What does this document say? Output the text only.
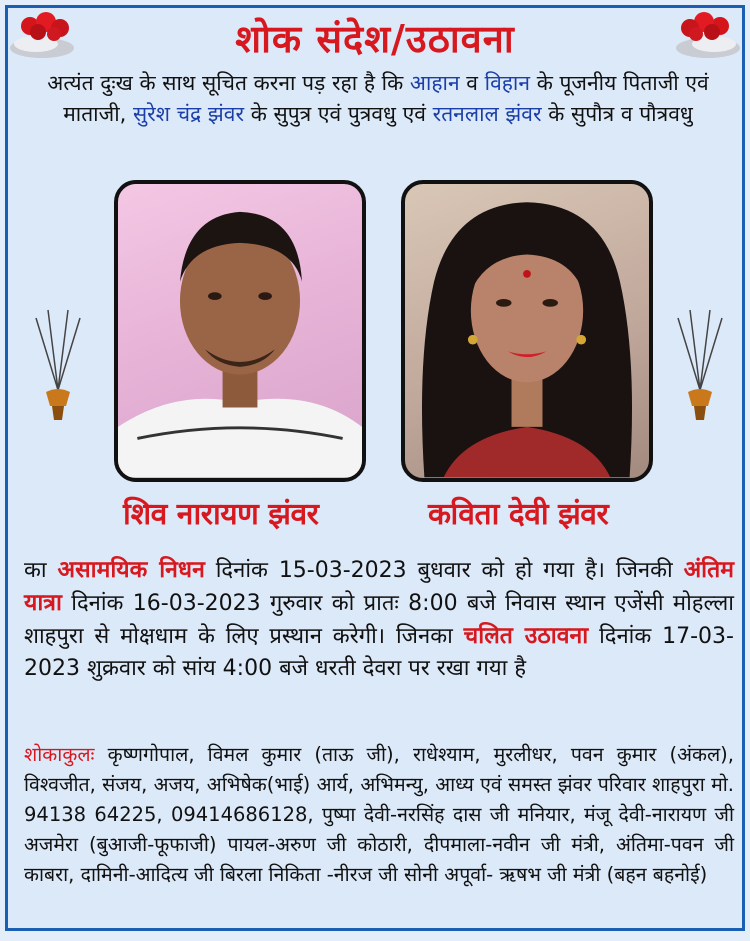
शोक संदेश/उठावना
अत्यंत दुःख के साथ सूचित करना पड़ रहा है कि आहान व विहान के पूजनीय पिताजी एवं माताजी, सुरेश चंद्र झंवर के सुपुत्र एवं पुत्रवधु एवं रतनलाल झंवर के सुपौत्र व पौत्रवधु
शिव नारायण झंवर	कविता देवी झंवर
का असामयिक निधन दिनांक 15-03-2023 बुधवार को हो गया है। जिनकी अंतिम यात्रा दिनांक 16-03-2023 गुरुवार को प्रातः 8:00 बजे निवास स्थान एजेंसी मोहल्ला शाहपुरा से मोक्षधाम के लिए प्रस्थान करेगी। जिनका चलित उठावना दिनांक 17-03-2023 शुक्रवार को सांय 4:00 बजे धरती देवरा पर रखा गया है
शोकाकुलः कृष्णगोपाल, विमल कुमार (ताऊ जी), राधेश्याम, मुरलीधर, पवन कुमार (अंकल), विश्वजीत, संजय, अजय, अभिषेक(भाई) आर्य, अभिमन्यु, आध्य एवं समस्त झंवर परिवार शाहपुरा मो. 94138 64225, 09414686128, पुष्पा देवी-नरसिंह दास जी मनियार, मंजू देवी-नारायण जी अजमेरा (बुआजी-फूफाजी) पायल-अरुण जी कोठारी, दीपमाला-नवीन जी मंत्री, अंतिमा-पवन जी काबरा, दामिनी-आदित्य जी बिरला निकिता -नीरज जी सोनी अपूर्वा- ऋषभ जी मंत्री (बहन बहनोई)
